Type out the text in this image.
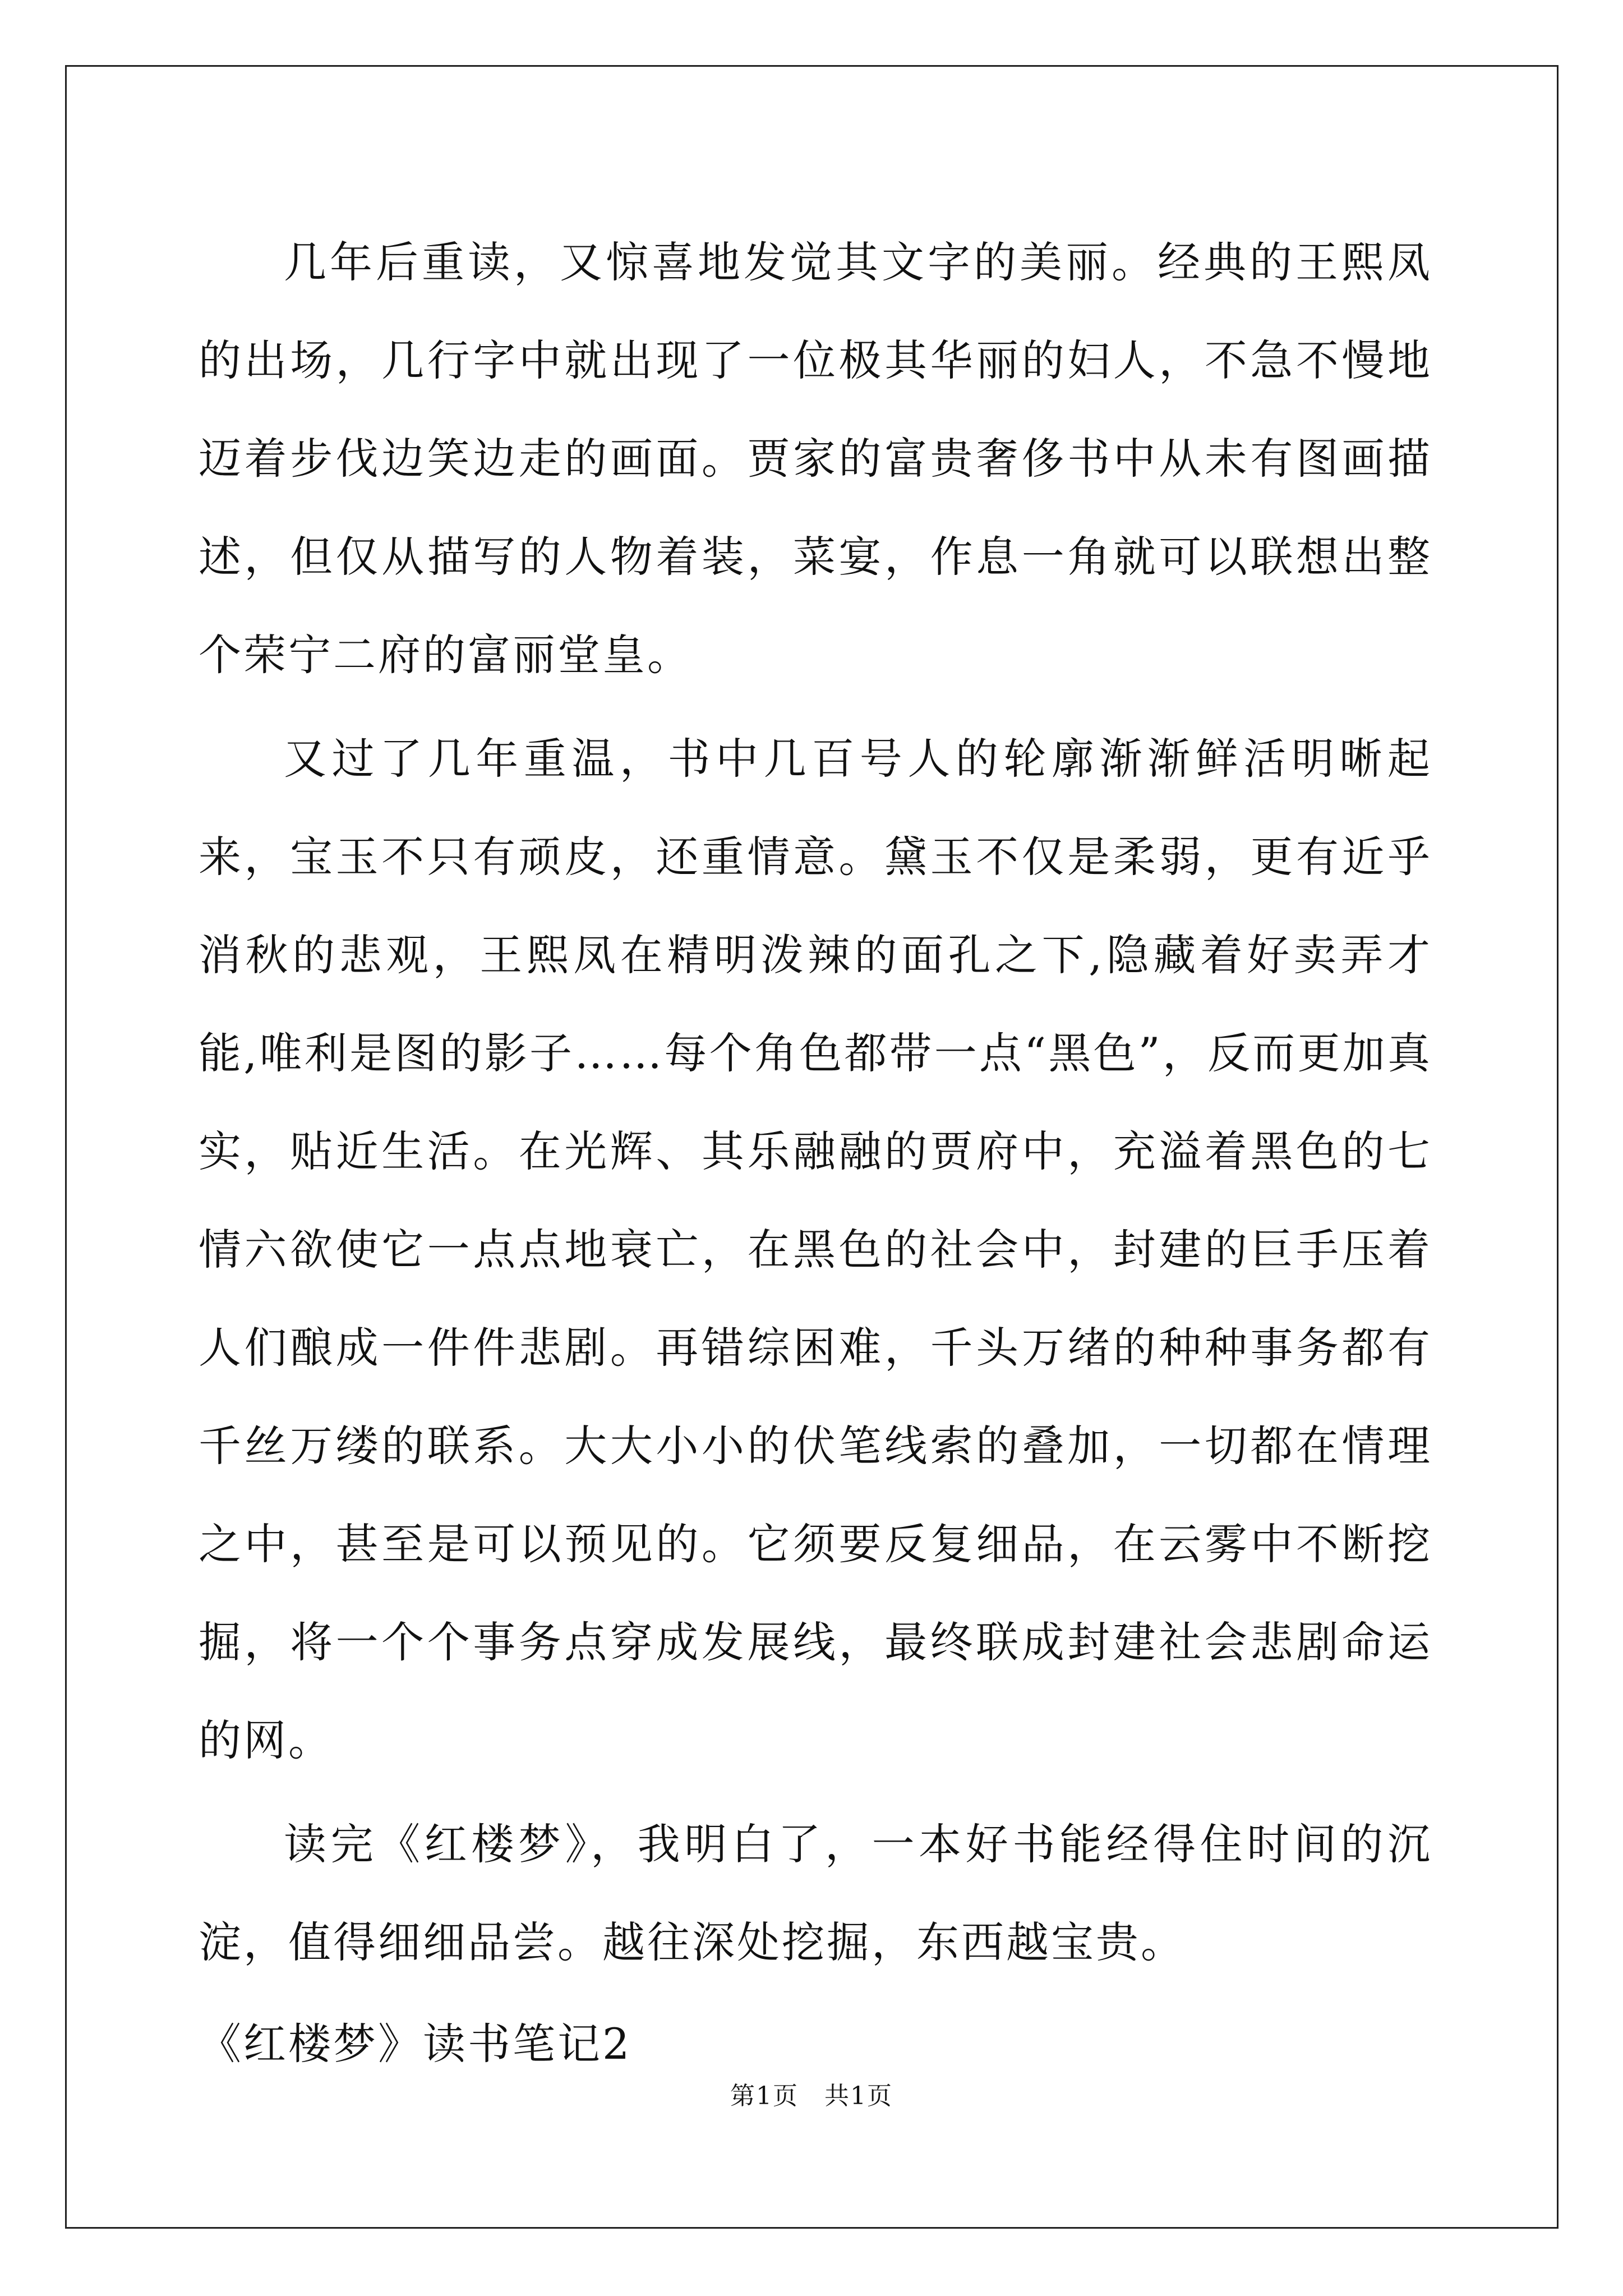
几年后重读，又惊喜地发觉其文字的美丽。经典的王熙凤的出场，几行字中就出现了一位极其华丽的妇人，不急不慢地迈着步伐边笑边走的画面。贾家的富贵奢侈书中从未有图画描述，但仅从描写的人物着装，菜宴，作息一角就可以联想出整个荣宁二府的富丽堂皇。

又过了几年重温，书中几百号人的轮廓渐渐鲜活明晰起来，宝玉不只有顽皮，还重情意。黛玉不仅是柔弱，更有近乎消秋的悲观，王熙凤在精明泼辣的面孔之下,隐藏着好卖弄才能,唯利是图的影子……每个角色都带一点“黑色”，反而更加真实，贴近生活。在光辉、其乐融融的贾府中，充溢着黑色的七情六欲使它一点点地衰亡，在黑色的社会中，封建的巨手压着人们酿成一件件悲剧。再错综困难，千头万绪的种种事务都有千丝万缕的联系。大大小小的伏笔线索的叠加，一切都在情理之中，甚至是可以预见的。它须要反复细品，在云雾中不断挖掘，将一个个事务点穿成发展线，最终联成封建社会悲剧命运的网。

读完《红楼梦》，我明白了，一本好书能经得住时间的沉淀，值得细细品尝。越往深处挖掘，东西越宝贵。

《红楼梦》读书笔记2

第1页　共1页
